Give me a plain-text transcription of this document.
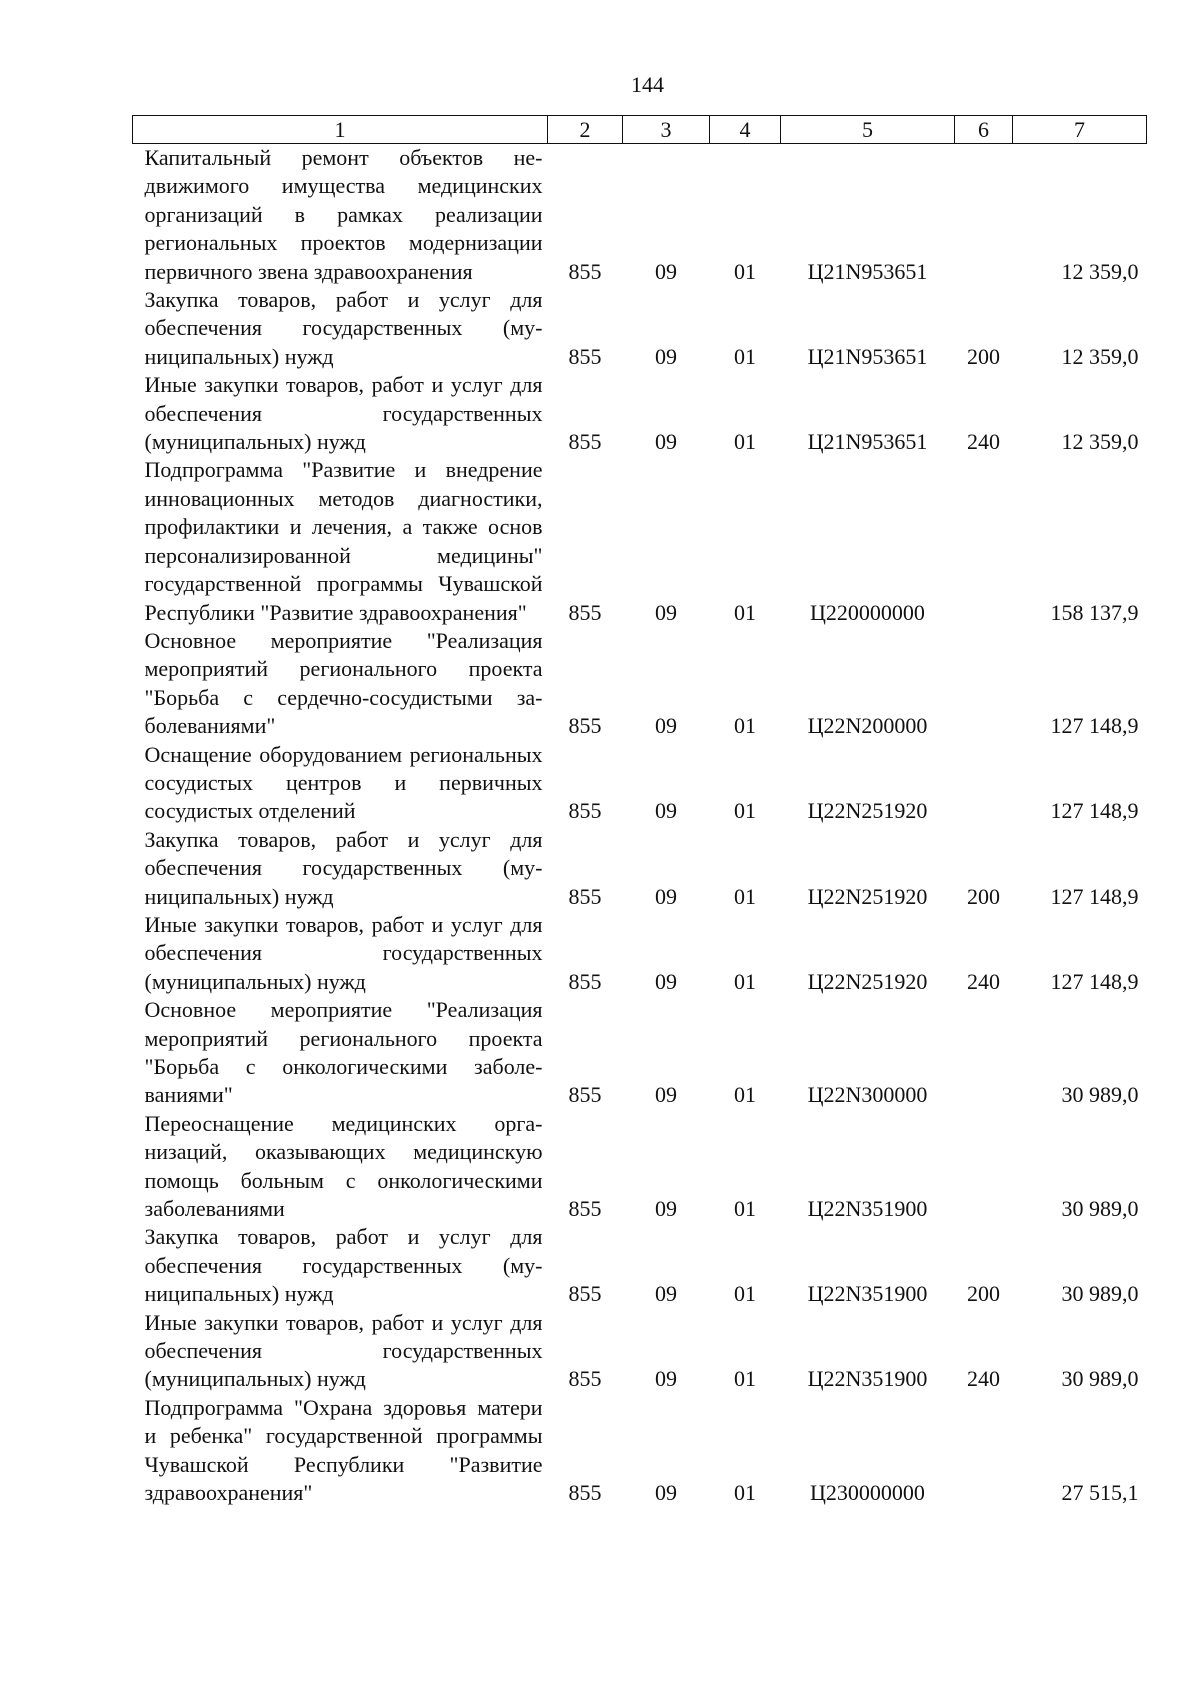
144
1	2	3	4	5	6	7

Капитальный ремонт объектов недвижимого имущества медицинских организаций в рамках реализации региональных проектов модернизации первичного звена здравоохранения	855	09	01	Ц21N953651		12 359,0

Закупка товаров, работ и услуг для обеспечения государственных (муниципальных) нужд	855	09	01	Ц21N953651	200	12 359,0

Иные закупки товаров, работ и услуг для обеспечения государственных (муниципальных) нужд	855	09	01	Ц21N953651	240	12 359,0

Подпрограмма "Развитие и внедрение инновационных методов диагностики, профилактики и лечения, а также основ персонализированной медицины" государственной программы Чувашской Республики "Развитие здравоохранения"	855	09	01	Ц220000000		158 137,9

Основное мероприятие "Реализация мероприятий регионального проекта "Борьба с сердечно-сосудистыми заболеваниями"	855	09	01	Ц22N200000		127 148,9

Оснащение оборудованием региональных сосудистых центров и первичных сосудистых отделений	855	09	01	Ц22N251920		127 148,9

Закупка товаров, работ и услуг для обеспечения государственных (муниципальных) нужд	855	09	01	Ц22N251920	200	127 148,9

Иные закупки товаров, работ и услуг для обеспечения государственных (муниципальных) нужд	855	09	01	Ц22N251920	240	127 148,9

Основное мероприятие "Реализация мероприятий регионального проекта "Борьба с онкологическими заболеваниями"	855	09	01	Ц22N300000		30 989,0

Переоснащение медицинских организаций, оказывающих медицинскую помощь больным с онкологическими заболеваниями	855	09	01	Ц22N351900		30 989,0

Закупка товаров, работ и услуг для обеспечения государственных (муниципальных) нужд	855	09	01	Ц22N351900	200	30 989,0

Иные закупки товаров, работ и услуг для обеспечения государственных (муниципальных) нужд	855	09	01	Ц22N351900	240	30 989,0

Подпрограмма "Охрана здоровья матери и ребенка" государственной программы Чувашской Республики "Развитие здравоохранения"	855	09	01	Ц230000000		27 515,1
